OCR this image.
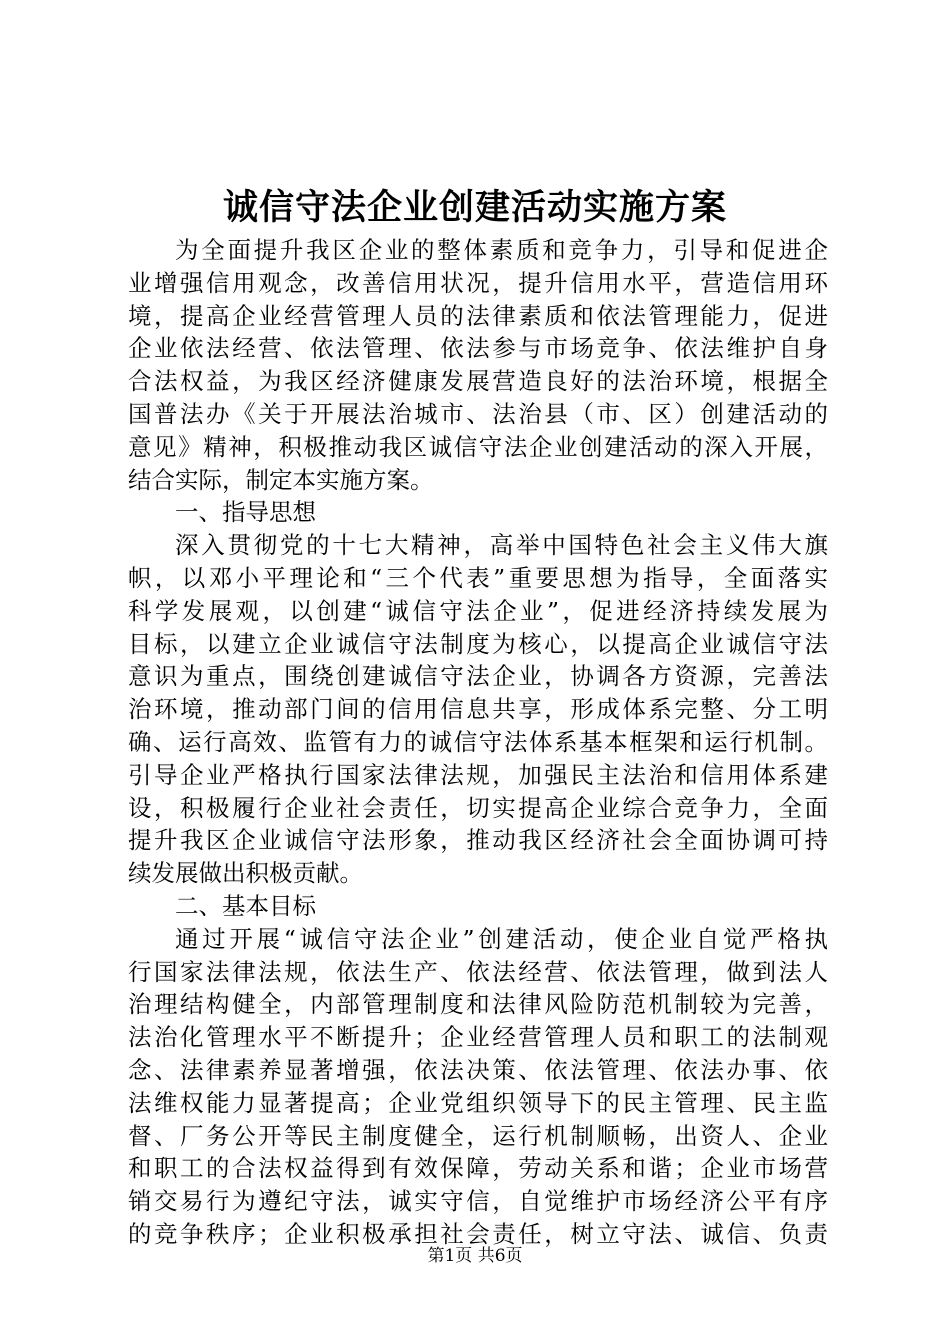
诚信守法企业创建活动实施方案
为全面提升我区企业的整体素质和竞争力，引导和促进企
业增强信用观念，改善信用状况，提升信用水平，营造信用环
境，提高企业经营管理人员的法律素质和依法管理能力，促进
企业依法经营、依法管理、依法参与市场竞争、依法维护自身
合法权益，为我区经济健康发展营造良好的法治环境，根据全
国普法办《关于开展法治城市、法治县（市、区）创建活动的
意见》精神，积极推动我区诚信守法企业创建活动的深入开展，
结合实际，制定本实施方案。
一、指导思想
深入贯彻党的十七大精神，高举中国特色社会主义伟大旗
帜，以邓小平理论和“三个代表”重要思想为指导，全面落实
科学发展观，以创建“诚信守法企业”，促进经济持续发展为
目标，以建立企业诚信守法制度为核心，以提高企业诚信守法
意识为重点，围绕创建诚信守法企业，协调各方资源，完善法
治环境，推动部门间的信用信息共享，形成体系完整、分工明
确、运行高效、监管有力的诚信守法体系基本框架和运行机制。
引导企业严格执行国家法律法规，加强民主法治和信用体系建
设，积极履行企业社会责任，切实提高企业综合竞争力，全面
提升我区企业诚信守法形象，推动我区经济社会全面协调可持
续发展做出积极贡献。
二、基本目标
通过开展“诚信守法企业”创建活动，使企业自觉严格执
行国家法律法规，依法生产、依法经营、依法管理，做到法人
治理结构健全，内部管理制度和法律风险防范机制较为完善，
法治化管理水平不断提升；企业经营管理人员和职工的法制观
念、法律素养显著增强，依法决策、依法管理、依法办事、依
法维权能力显著提高；企业党组织领导下的民主管理、民主监
督、厂务公开等民主制度健全，运行机制顺畅，出资人、企业
和职工的合法权益得到有效保障，劳动关系和谐；企业市场营
销交易行为遵纪守法，诚实守信，自觉维护市场经济公平有序
的竞争秩序；企业积极承担社会责任，树立守法、诚信、负责
第1页 共6页
